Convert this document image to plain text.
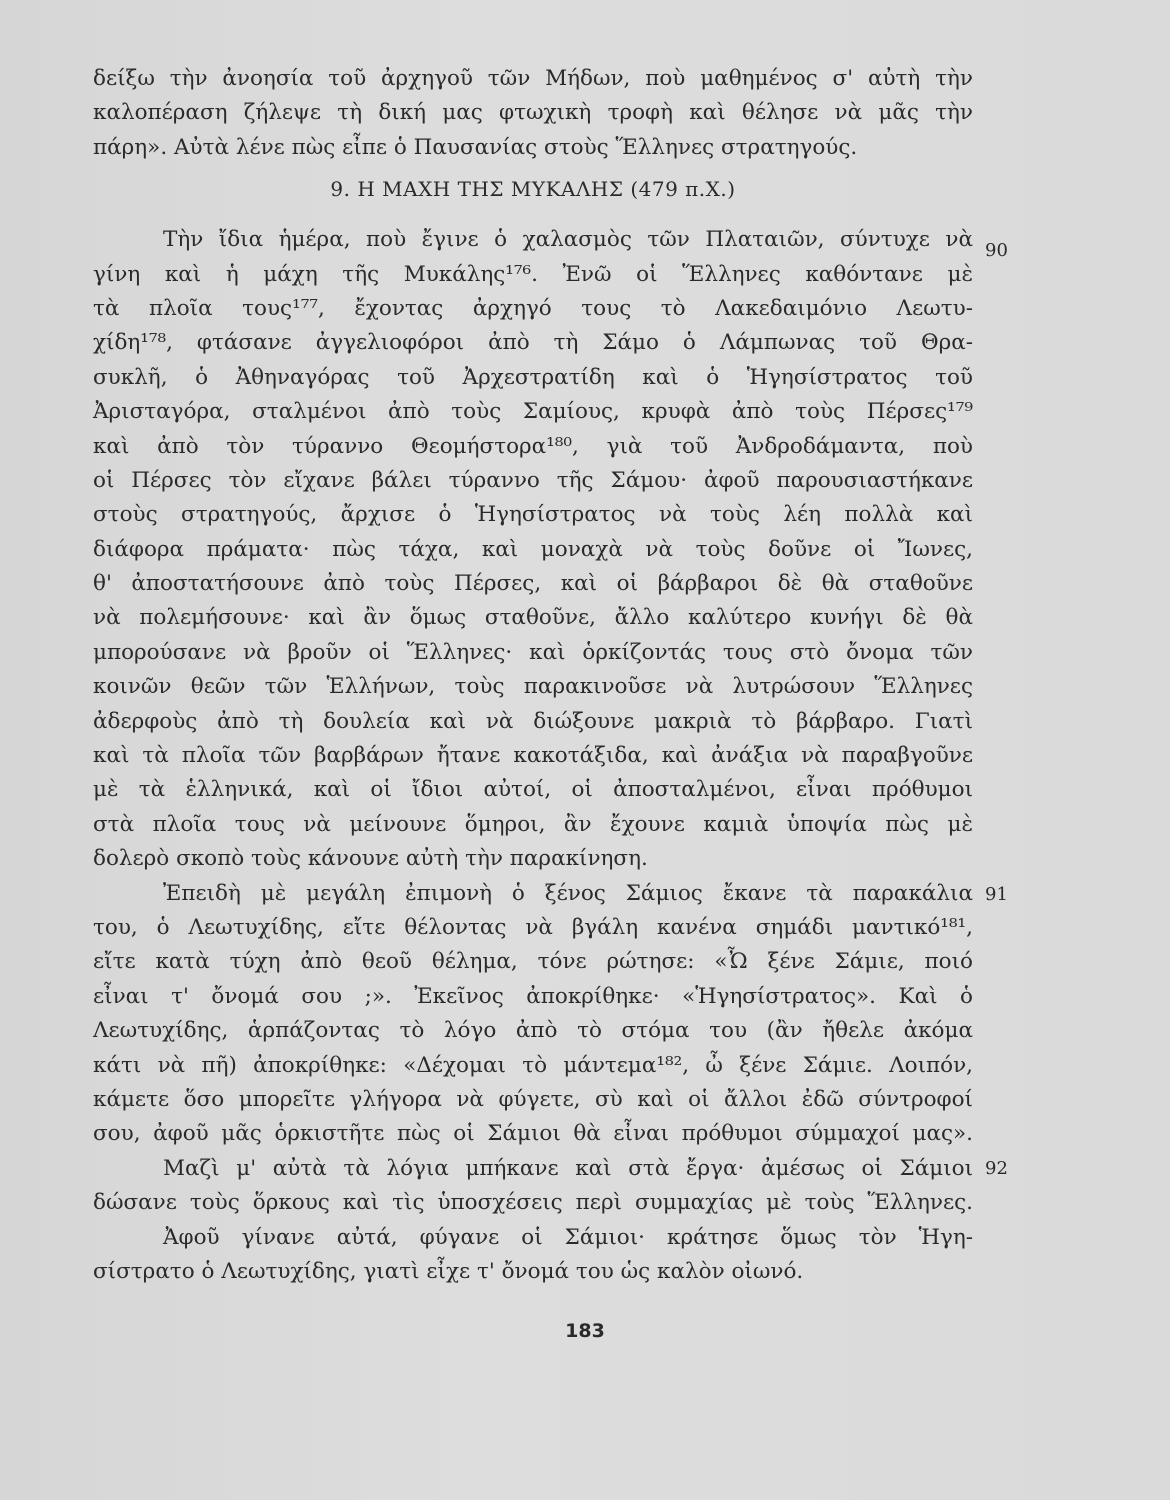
δείξω τὴν ἀνοησία τοῦ ἀρχηγοῦ τῶν Μήδων, ποὺ μαθημένος σ' αὐτὴ τὴν
καλοπέραση ζήλεψε τὴ δική μας φτωχικὴ τροφὴ καὶ θέλησε νὰ μᾶς τὴν
πάρη». Αὐτὰ λένε πὼς εἶπε ὁ Παυσανίας στοὺς Ἕλληνες στρατηγούς.
9. Η ΜΑΧΗ ΤΗΣ ΜΥΚΑΛΗΣ (479 π.Χ.)
Τὴν ἴδια ἡμέρα, ποὺ ἔγινε ὁ χαλασμὸς τῶν Πλαταιῶν, σύντυχε νὰ
γίνη καὶ ἡ μάχη τῆς Μυκάλης¹⁷⁶. Ἐνῶ οἱ Ἕλληνες καθόντανε μὲ
τὰ πλοῖα τους¹⁷⁷, ἔχοντας ἀρχηγό τους τὸ Λακεδαιμόνιο Λεωτυ-
χίδη¹⁷⁸, φτάσανε ἀγγελιοφόροι ἀπὸ τὴ Σάμο ὁ Λάμπωνας τοῦ Θρα-
συκλῆ, ὁ Ἀθηναγόρας τοῦ Ἀρχεστρατίδη καὶ ὁ Ἡγησίστρατος τοῦ
Ἀρισταγόρα, σταλμένοι ἀπὸ τοὺς Σαμίους, κρυφὰ ἀπὸ τοὺς Πέρσες¹⁷⁹
καὶ ἀπὸ τὸν τύραννο Θεομήστορα¹⁸⁰, γιὰ τοῦ Ἀνδροδάμαντα, ποὺ
οἱ Πέρσες τὸν εἴχανε βάλει τύραννο τῆς Σάμου· ἀφοῦ παρουσιαστήκανε
στοὺς στρατηγούς, ἄρχισε ὁ Ἡγησίστρατος νὰ τοὺς λέη πολλὰ καὶ
διάφορα πράματα· πὼς τάχα, καὶ μοναχὰ νὰ τοὺς δοῦνε οἱ Ἴωνες,
θ' ἀποστατήσουνε ἀπὸ τοὺς Πέρσες, καὶ οἱ βάρβαροι δὲ θὰ σταθοῦνε
νὰ πολεμήσουνε· καὶ ἂν ὅμως σταθοῦνε, ἄλλο καλύτερο κυνήγι δὲ θὰ
μπορούσανε νὰ βροῦν οἱ Ἕλληνες· καὶ ὁρκίζοντάς τους στὸ ὄνομα τῶν
κοινῶν θεῶν τῶν Ἑλλήνων, τοὺς παρακινοῦσε νὰ λυτρώσουν Ἕλληνες
ἀδερφοὺς ἀπὸ τὴ δουλεία καὶ νὰ διώξουνε μακριὰ τὸ βάρβαρο. Γιατὶ
καὶ τὰ πλοῖα τῶν βαρβάρων ἤτανε κακοτάξιδα, καὶ ἀνάξια νὰ παραβγοῦνε
μὲ τὰ ἑλληνικά, καὶ οἱ ἴδιοι αὐτοί, οἱ ἀποσταλμένοι, εἶναι πρόθυμοι
στὰ πλοῖα τους νὰ μείνουνε ὅμηροι, ἂν ἔχουνε καμιὰ ὑποψία πὼς μὲ
δολερὸ σκοπὸ τοὺς κάνουνε αὐτὴ τὴν παρακίνηση.
Ἐπειδὴ μὲ μεγάλη ἐπιμονὴ ὁ ξένος Σάμιος ἔκανε τὰ παρακάλια
του, ὁ Λεωτυχίδης, εἴτε θέλοντας νὰ βγάλη κανένα σημάδι μαντικό¹⁸¹,
εἴτε κατὰ τύχη ἀπὸ θεοῦ θέλημα, τόνε ρώτησε: «Ὦ ξένε Σάμιε, ποιό
εἶναι τ' ὄνομά σου ;». Ἐκεῖνος ἀποκρίθηκε· «Ἡγησίστρατος». Καὶ ὁ
Λεωτυχίδης, ἁρπάζοντας τὸ λόγο ἀπὸ τὸ στόμα του (ἂν ἤθελε ἀκόμα
κάτι νὰ πῆ) ἀποκρίθηκε: «Δέχομαι τὸ μάντεμα¹⁸², ὦ ξένε Σάμιε. Λοιπόν,
κάμετε ὅσο μπορεῖτε γλήγορα νὰ φύγετε, σὺ καὶ οἱ ἄλλοι ἐδῶ σύντροφοί
σου, ἀφοῦ μᾶς ὁρκιστῆτε πὼς οἱ Σάμιοι θὰ εἶναι πρόθυμοι σύμμαχοί μας».
Μαζὶ μ' αὐτὰ τὰ λόγια μπήκανε καὶ στὰ ἔργα· ἀμέσως οἱ Σάμιοι
δώσανε τοὺς ὅρκους καὶ τὶς ὑποσχέσεις περὶ συμμαχίας μὲ τοὺς Ἕλληνες.
Ἀφοῦ γίνανε αὐτά, φύγανε οἱ Σάμιοι· κράτησε ὅμως τὸν Ἡγη-
σίστρατο ὁ Λεωτυχίδης, γιατὶ εἶχε τ' ὄνομά του ὡς καλὸν οἰωνό.
90
91
92
183
